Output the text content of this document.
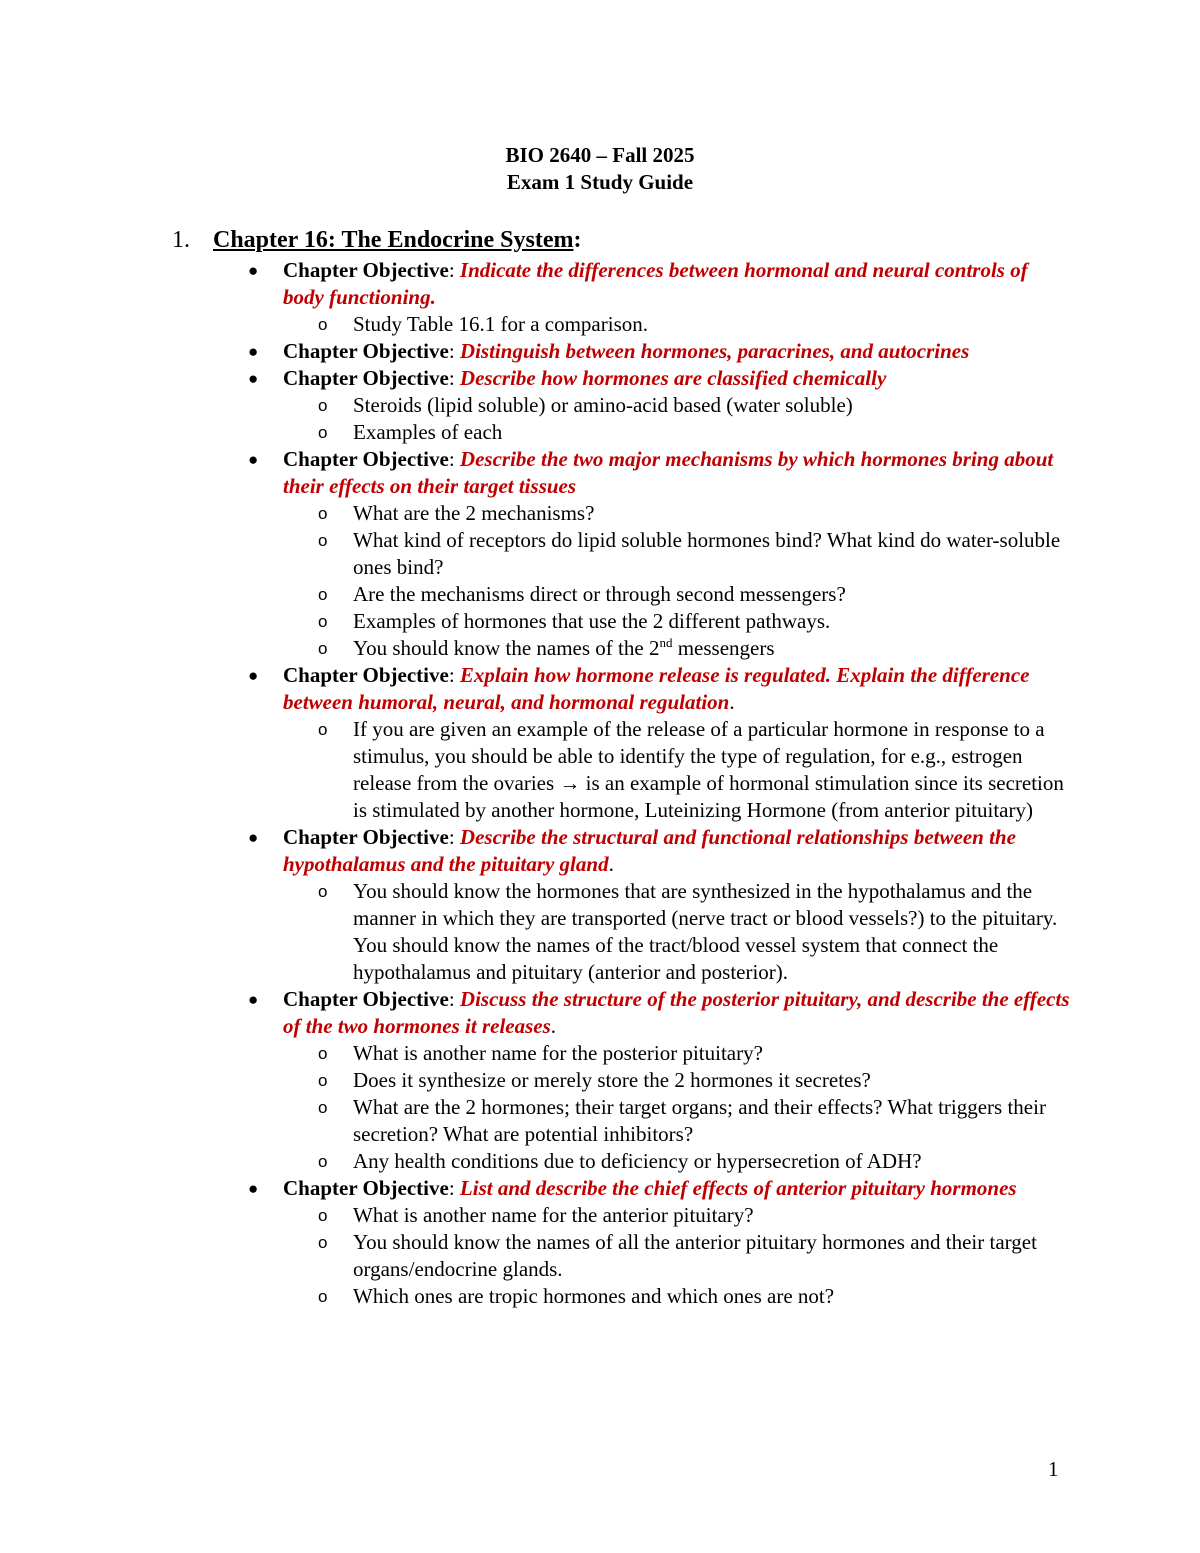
BIO 2640 – Fall 2025
Exam 1 Study Guide
1. Chapter 16: The Endocrine System:
● Chapter Objective: Indicate the differences between hormonal and neural controls of body functioning.
o Study Table 16.1 for a comparison.
● Chapter Objective: Distinguish between hormones, paracrines, and autocrines
● Chapter Objective: Describe how hormones are classified chemically
o Steroids (lipid soluble) or amino-acid based (water soluble)
o Examples of each
● Chapter Objective: Describe the two major mechanisms by which hormones bring about their effects on their target tissues
o What are the 2 mechanisms?
o What kind of receptors do lipid soluble hormones bind? What kind do water-soluble ones bind?
o Are the mechanisms direct or through second messengers?
o Examples of hormones that use the 2 different pathways.
o You should know the names of the 2nd messengers
● Chapter Objective: Explain how hormone release is regulated. Explain the difference between humoral, neural, and hormonal regulation.
o If you are given an example of the release of a particular hormone in response to a stimulus, you should be able to identify the type of regulation, for e.g., estrogen release from the ovaries → is an example of hormonal stimulation since its secretion is stimulated by another hormone, Luteinizing Hormone (from anterior pituitary)
● Chapter Objective: Describe the structural and functional relationships between the hypothalamus and the pituitary gland.
o You should know the hormones that are synthesized in the hypothalamus and the manner in which they are transported (nerve tract or blood vessels?) to the pituitary. You should know the names of the tract/blood vessel system that connect the hypothalamus and pituitary (anterior and posterior).
● Chapter Objective: Discuss the structure of the posterior pituitary, and describe the effects of the two hormones it releases.
o What is another name for the posterior pituitary?
o Does it synthesize or merely store the 2 hormones it secretes?
o What are the 2 hormones; their target organs; and their effects? What triggers their secretion? What are potential inhibitors?
o Any health conditions due to deficiency or hypersecretion of ADH?
● Chapter Objective: List and describe the chief effects of anterior pituitary hormones
o What is another name for the anterior pituitary?
o You should know the names of all the anterior pituitary hormones and their target organs/endocrine glands.
o Which ones are tropic hormones and which ones are not?
1
